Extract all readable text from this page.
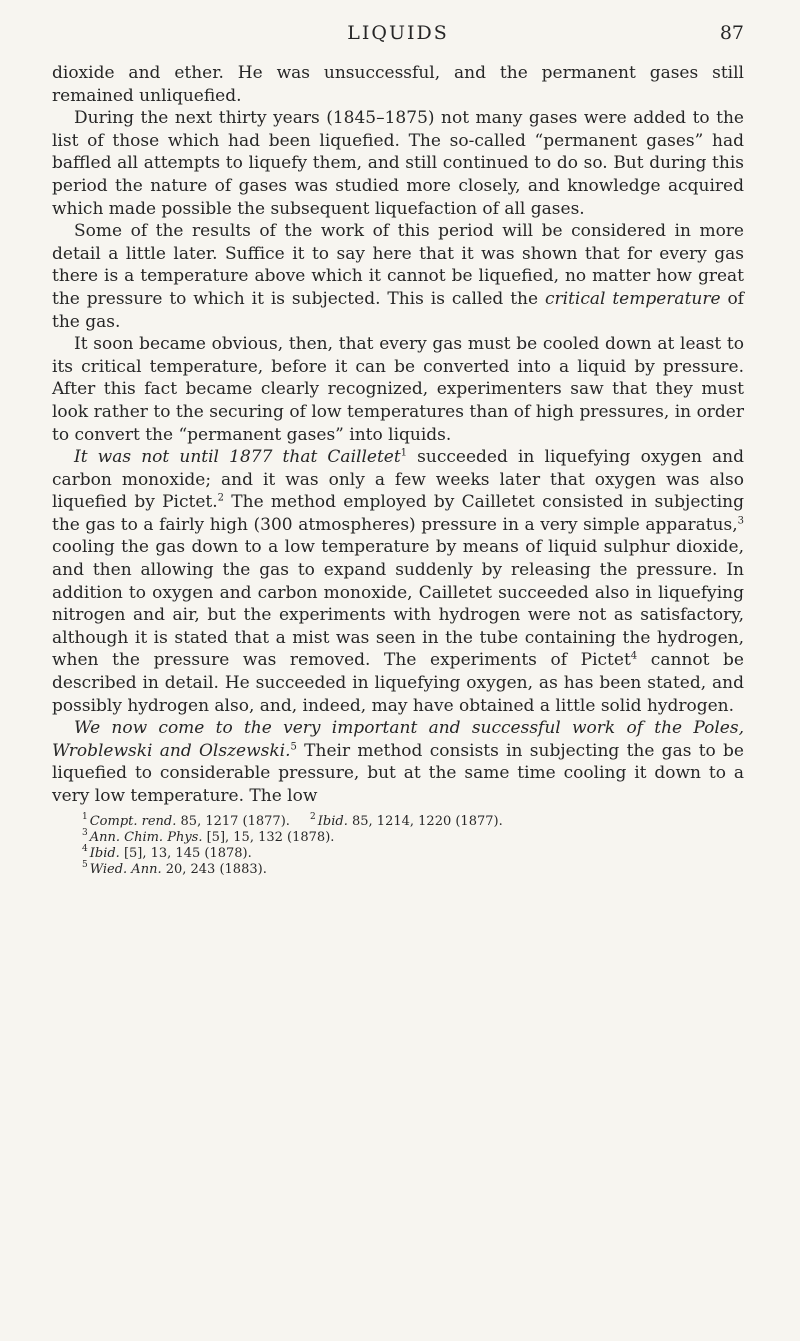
LIQUIDS	87

dioxide and ether. He was unsuccessful, and the permanent gases still remained unliquefied.

During the next thirty years (1845–1875) not many gases were added to the list of those which had been liquefied. The so-called “permanent gases” had baffled all attempts to liquefy them, and still continued to do so. But during this period the nature of gases was studied more closely, and knowledge acquired which made possible the subsequent liquefaction of all gases.

Some of the results of the work of this period will be considered in more detail a little later. Suffice it to say here that it was shown that for every gas there is a temperature above which it cannot be liquefied, no matter how great the pressure to which it is subjected. This is called the critical temperature of the gas.

It soon became obvious, then, that every gas must be cooled down at least to its critical temperature, before it can be converted into a liquid by pressure. After this fact became clearly recognized, experimenters saw that they must look rather to the securing of low temperatures than of high pressures, in order to convert the “permanent gases” into liquids.

It was not until 1877 that Cailletet$^1$ succeeded in liquefying oxygen and carbon monoxide; and it was only a few weeks later that oxygen was also liquefied by Pictet.$^2$ The method employed by Cailletet consisted in subjecting the gas to a fairly high (300 atmospheres) pressure in a very simple apparatus,$^3$ cooling the gas down to a low temperature by means of liquid sulphur dioxide, and then allowing the gas to expand suddenly by releasing the pressure. In addition to oxygen and carbon monoxide, Cailletet succeeded also in liquefying nitrogen and air, but the experiments with hydrogen were not as satisfactory, although it is stated that a mist was seen in the tube containing the hydrogen, when the pressure was removed. The experiments of Pictet$^4$ cannot be described in detail. He succeeded in liquefying oxygen, as has been stated, and possibly hydrogen also, and, indeed, may have obtained a little solid hydrogen.

We now come to the very important and successful work of the Poles, Wroblewski and Olszewski.$^5$ Their method consists in subjecting the gas to be liquefied to considerable pressure, but at the same time cooling it down to a very low temperature. The low

$^1$ Compt. rend. 85, 1217 (1877). $^2$ Ibid. 85, 1214, 1220 (1877).
$^3$ Ann. Chim. Phys. [5], 15, 132 (1878).
$^4$ Ibid. [5], 13, 145 (1878).
$^5$ Wied. Ann. 20, 243 (1883).
